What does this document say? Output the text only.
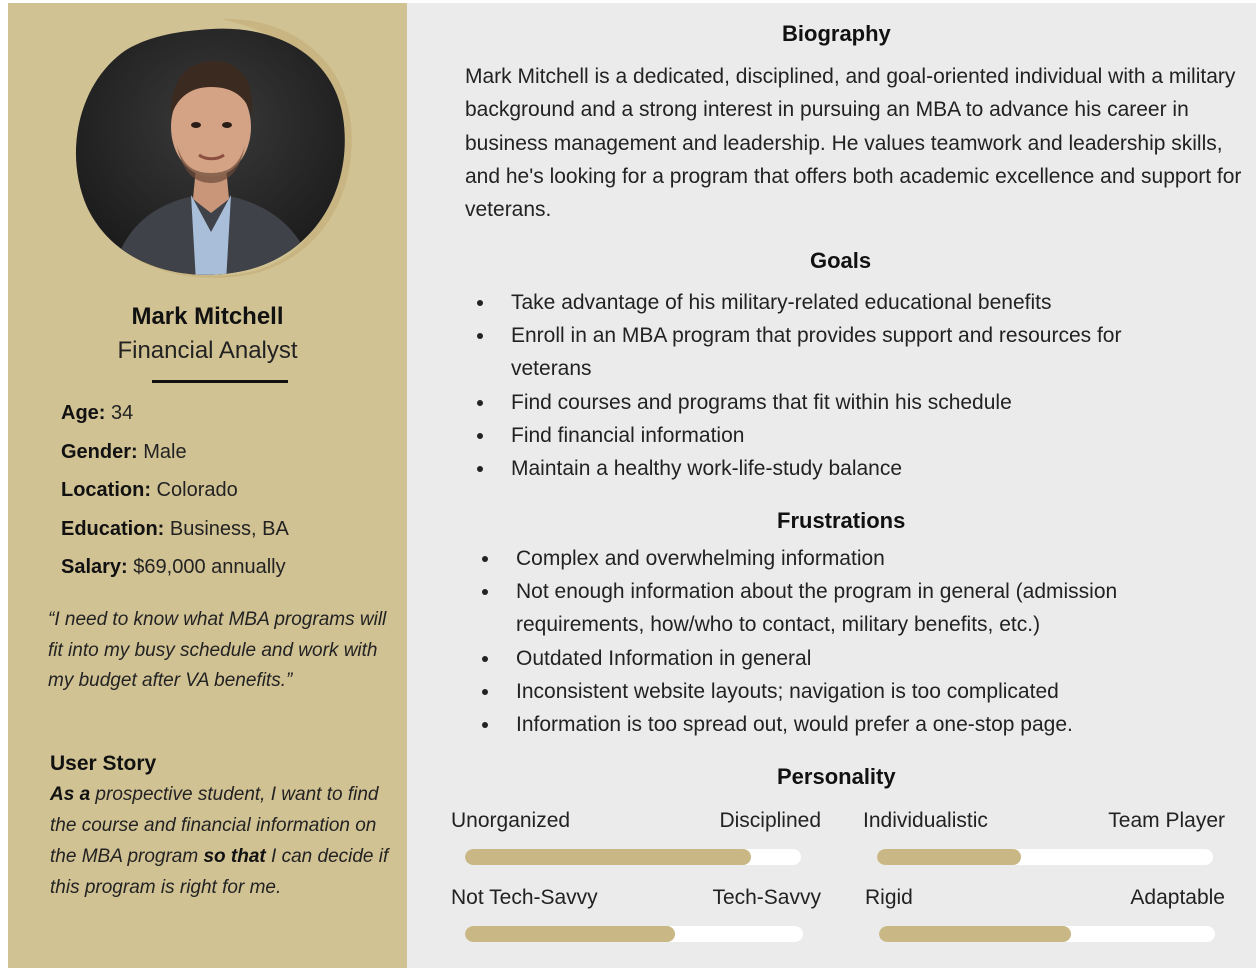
Mark Mitchell
Financial Analyst
Age: 34
Gender: Male
Location: Colorado
Education: Business, BA
Salary: $69,000 annually
“I need to know what MBA programs will fit into my busy schedule and work with my budget after VA benefits.”
User Story
As a prospective student, I want to find the course and financial information on the MBA program so that I can decide if this program is right for me.
Biography
Mark Mitchell is a dedicated, disciplined, and goal-oriented individual with a military background and a strong interest in pursuing an MBA to advance his career in business management and leadership. He values teamwork and leadership skills, and he's looking for a program that offers both academic excellence and support for veterans.
Goals
Take advantage of his military-related educational benefits
Enroll in an MBA program that provides support and resources for veterans
Find courses and programs that fit within his schedule
Find financial information
Maintain a healthy work-life-study balance
Frustrations
Complex and overwhelming information
Not enough information about the program in general (admission requirements, how/who to contact, military benefits, etc.)
Outdated Information in general
Inconsistent website layouts; navigation is too complicated
Information is too spread out, would prefer a one-stop page.
Personality
Unorganized	Disciplined Individualistic	Team Player
Not Tech-Savvy	Tech-Savvy Rigid	Adaptable
